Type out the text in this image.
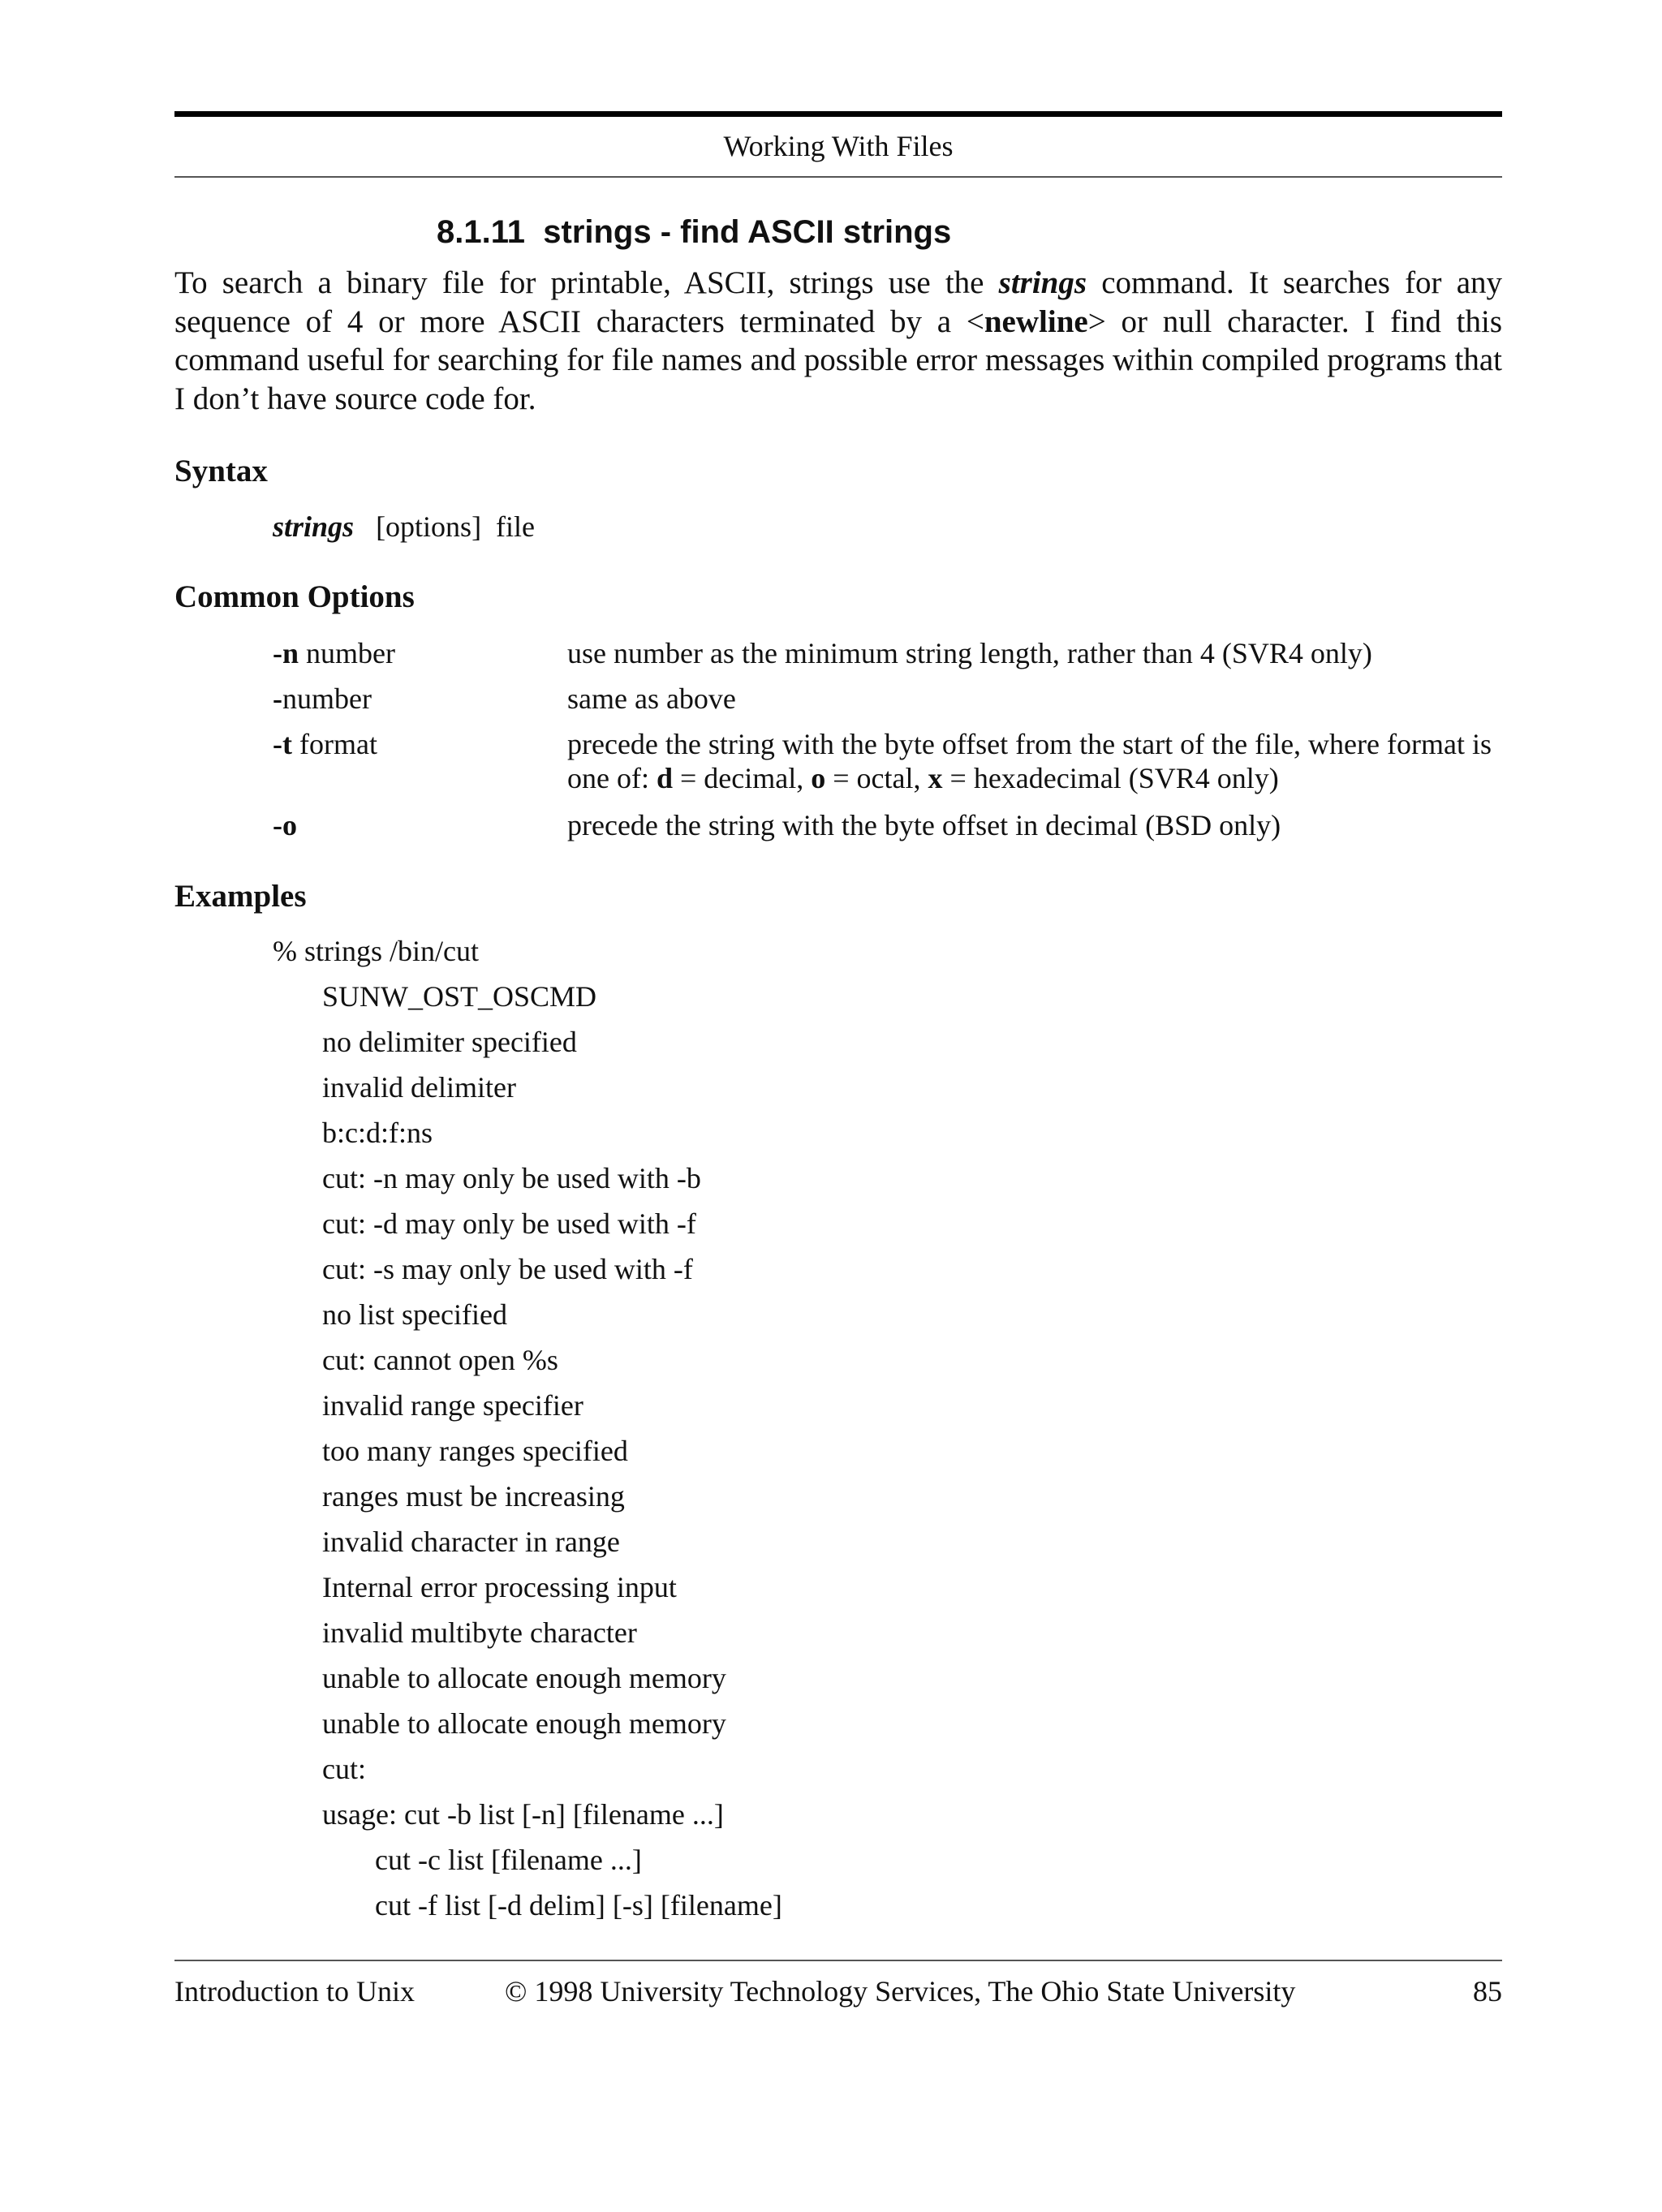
Working With Files
8.1.11 strings - find ASCII strings
To search a binary file for printable, ASCII, strings use the strings command. It searches for any sequence of 4 or more ASCII characters terminated by a <newline> or null character. I find this command useful for searching for file names and possible error messages within compiled programs that I don’t have source code for.
Syntax
strings   [options]  file
Common Options
-n number	use number as the minimum string length, rather than 4 (SVR4 only)
-number	same as above
-t format	precede the string with the byte offset from the start of the file, where format is one of: d = decimal, o = octal, x = hexadecimal (SVR4 only)
-o	precede the string with the byte offset in decimal (BSD only)
Examples
% strings /bin/cut
SUNW_OST_OSCMD
no delimiter specified
invalid delimiter
b:c:d:f:ns
cut: -n may only be used with -b
cut: -d may only be used with -f
cut: -s may only be used with -f
no list specified
cut: cannot open %s
invalid range specifier
too many ranges specified
ranges must be increasing
invalid character in range
Internal error processing input
invalid multibyte character
unable to allocate enough memory
unable to allocate enough memory
cut:
usage: cut -b list [-n] [filename ...]
cut -c list [filename ...]
cut -f list [-d delim] [-s] [filename]
Introduction to Unix	© 1998 University Technology Services, The Ohio State University	85
